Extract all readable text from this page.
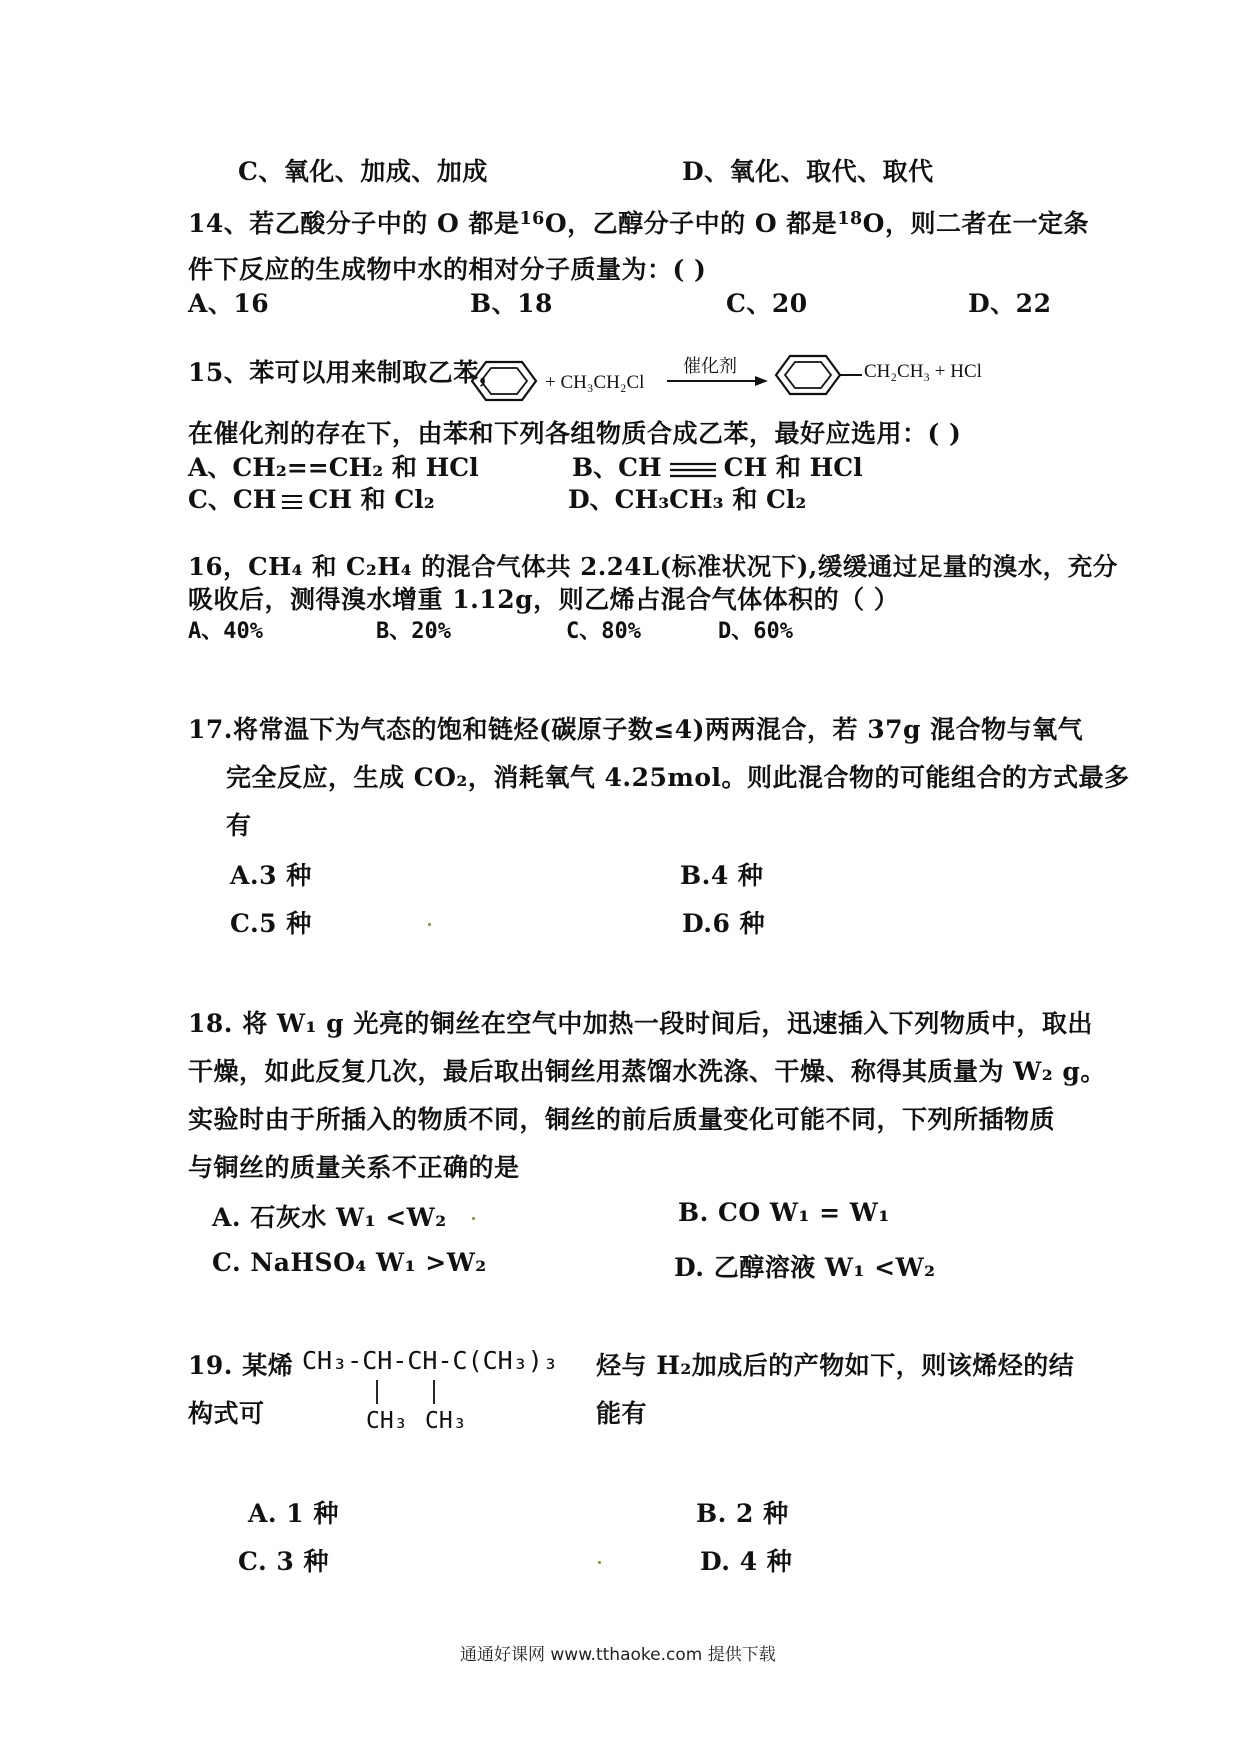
C、氧化、加成、加成	D、氧化、取代、取代
14、若乙酸分子中的 O 都是$^{16}$O，乙醇分子中的 O 都是$^{18}$O，则二者在一定条
件下反应的生成物中水的相对分子质量为：( )
A、16	B、18	C、20	D、22
15、苯可以用来制取乙苯， + CH₃CH₂Cl
催化剂	CH₂CH₃ + HCl
在催化剂的存在下，由苯和下列各组物质合成乙苯，最好应选用：( )
A、CH₂==CH₂ 和 HCl	B、CH CH 和 HCl
C、CH CH 和 Cl₂	D、CH₃CH₃ 和 Cl₂
16，CH₄ 和 C₂H₄ 的混合气体共 2.24L(标准状况下),缓缓通过足量的溴水，充分
吸收后，测得溴水增重 1.12g，则乙烯占混合气体体积的（ ）
A、40%	B、20%	C、80%	D、60%
17.将常温下为气态的饱和链烃(碳原子数≤4)两两混合，若 37g 混合物与氧气
完全反应，生成 CO₂，消耗氧气 4.25mol。则此混合物的可能组合的方式最多
有
A.3 种	B.4 种
C.5 种	D.6 种
18. 将 W₁ g 光亮的铜丝在空气中加热一段时间后，迅速插入下列物质中，取出
干燥，如此反复几次，最后取出铜丝用蒸馏水洗涤、干燥、称得其质量为 W₂ g。
实验时由于所插入的物质不同，铜丝的前后质量变化可能不同，下列所插物质
与铜丝的质量关系不正确的是
A. 石灰水 W₁ <W₂	B. CO W₁ = W₁
C. NaHSO₄ W₁ >W₂	D. 乙醇溶液 W₁ <W₂
19. 某烯
构式可
CH₃-CH-CH-C(CH₃)₃
CH₃ CH₃
烃与 H₂加成后的产物如下，则该烯烃的结
能有
A. 1 种	B. 2 种
C. 3 种	D. 4 种
通通好课网 www.tthaoke.com 提供下载
